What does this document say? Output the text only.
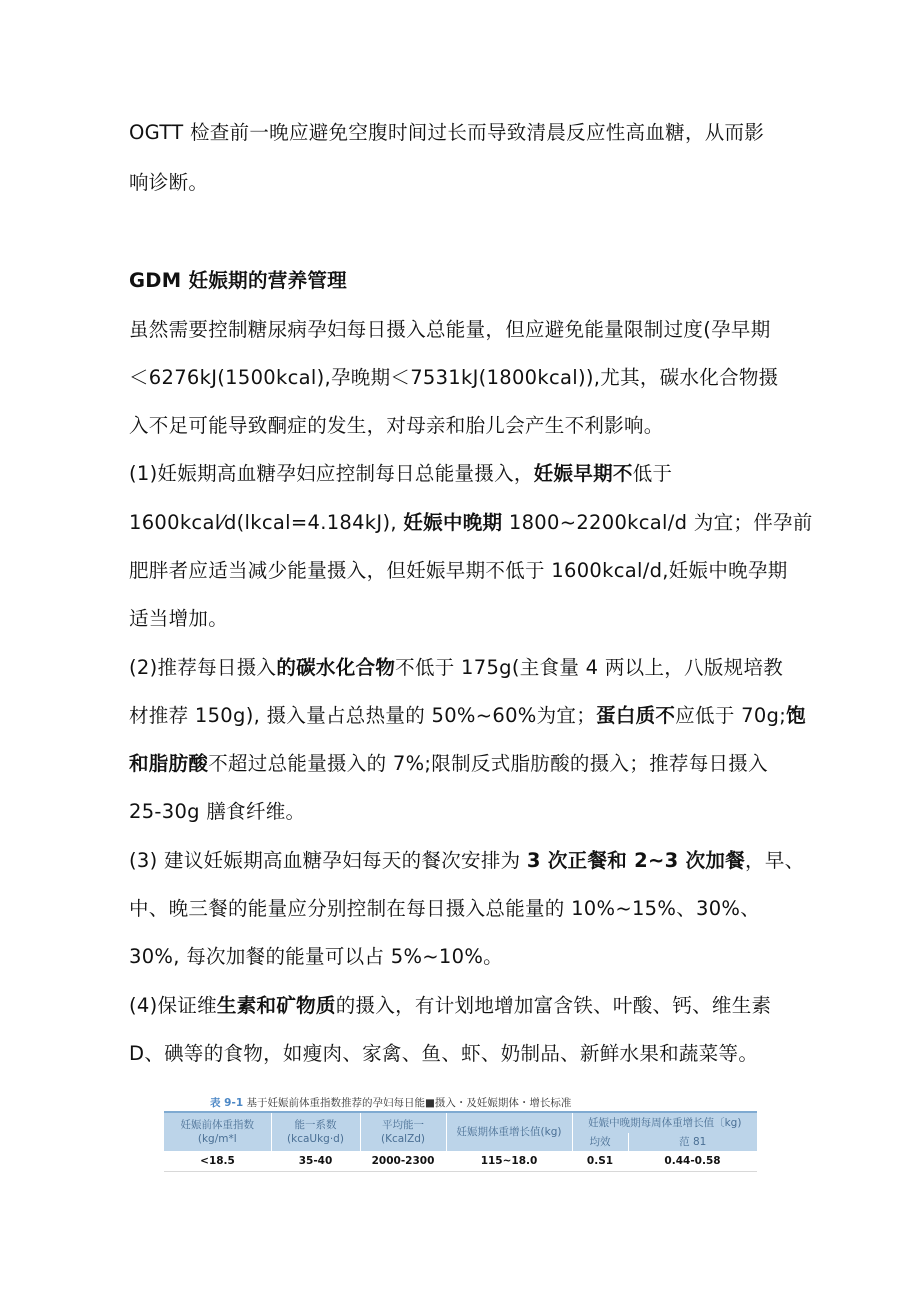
OGTT 检查前一晚应避免空腹时间过长而导致清晨反应性高血糖，从而影
响诊断。
GDM 妊娠期的营养管理
虽然需要控制糖尿病孕妇每日摄入总能量，但应避免能量限制过度(孕早期
＜6276kJ(1500kcal),孕晚期＜7531kJ(1800kcal)),尤其，碳水化合物摄
入不足可能导致酮症的发生，对母亲和胎儿会产生不利影响。
(1)妊娠期高血糖孕妇应控制每日总能量摄入，妊娠早期不低于
1600kcal⁄d(lkcal=4.184kJ), 妊娠中晚期 1800~2200kcal/d 为宜；伴孕前
肥胖者应适当减少能量摄入，但妊娠早期不低于 1600kcal/d,妊娠中晚孕期
适当增加。
(2)推荐每日摄入的碳水化合物不低于 175g(主食量 4 两以上，八版规培教
材推荐 150g), 摄入量占总热量的 50%~60%为宜；蛋白质不应低于 70g;饱
和脂肪酸不超过总能量摄入的 7%;限制反式脂肪酸的摄入；推荐每日摄入
25-30g 膳食纤维。
(3) 建议妊娠期高血糖孕妇每天的餐次安排为 3 次正餐和 2~3 次加餐，早、
中、晚三餐的能量应分别控制在每日摄入总能量的 10%~15%、30%、
30%, 每次加餐的能量可以占 5%~10%。
(4)保证维生素和矿物质的摄入，有计划地增加富含铁、叶酸、钙、维生素
D、碘等的食物，如瘦肉、家禽、鱼、虾、奶制品、新鲜水果和蔬菜等。
表 9-1 基于妊娠前体重指数推荐的孕妇每日能■摄入・及妊娠期体・增长标准
妊娠前体重指数
(kg/m*l	能一系数
(kcaUkg·d)	平均能一
(KcalZd)	妊娠期体重增长值(kg)	妊娠中晚期每周体重增长值〔kg)	
				均效	范 81
<18.5	35-40	2000-2300	115~18.0	0.S1	0.44-0.58
